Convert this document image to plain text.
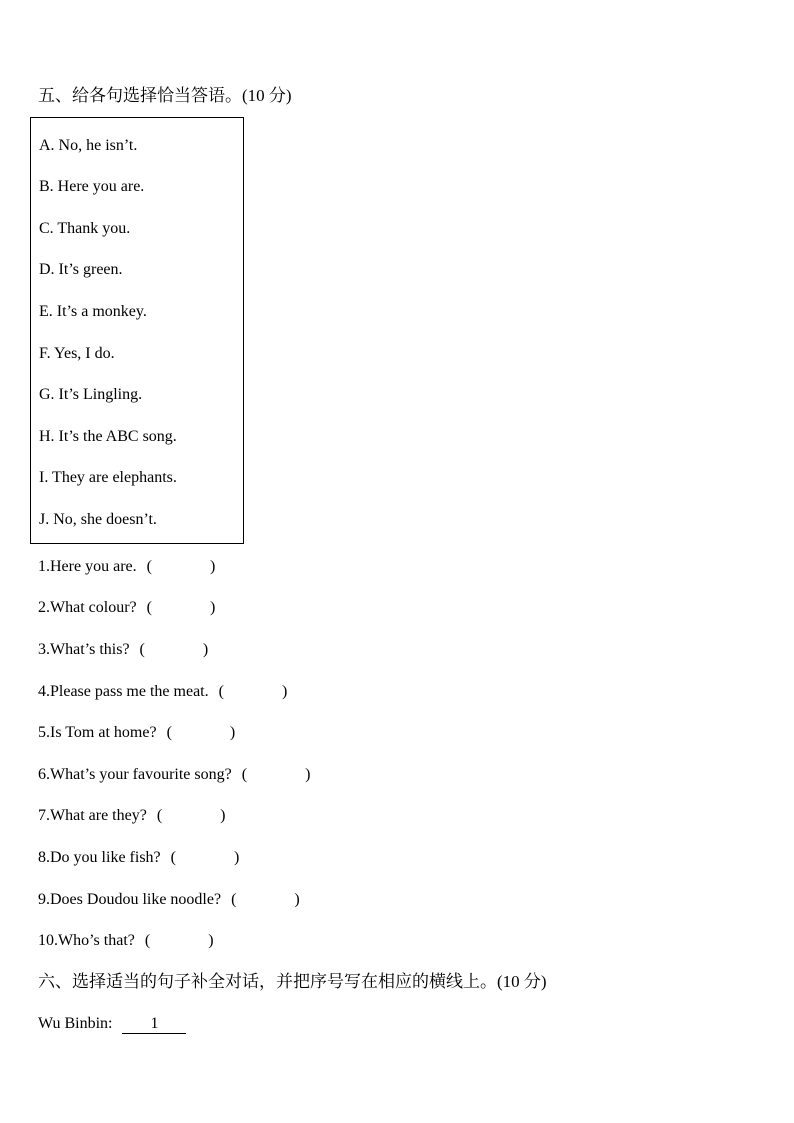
五、给各句选择恰当答语。(10 分)
A. No, he isn’t.
B. Here you are.
C. Thank you.
D. It’s green.
E. It’s a monkey.
F. Yes, I do.
G. It’s Lingling.
H. It’s the ABC song.
I. They are elephants.
J. No, she doesn’t.
1.Here you are. (	)
2.What colour? (	)
3.What’s this? (	)
4.Please pass me the meat. (	)
5.Is Tom at home? (	)
6.What’s your favourite song? (	)
7.What are they? (	)
8.Do you like fish? (	)
9.Does Doudou like noodle? (	)
10.Who’s that? (	)
六、选择适当的句子补全对话，并把序号写在相应的横线上。(10 分)
Wu Binbin: 1
